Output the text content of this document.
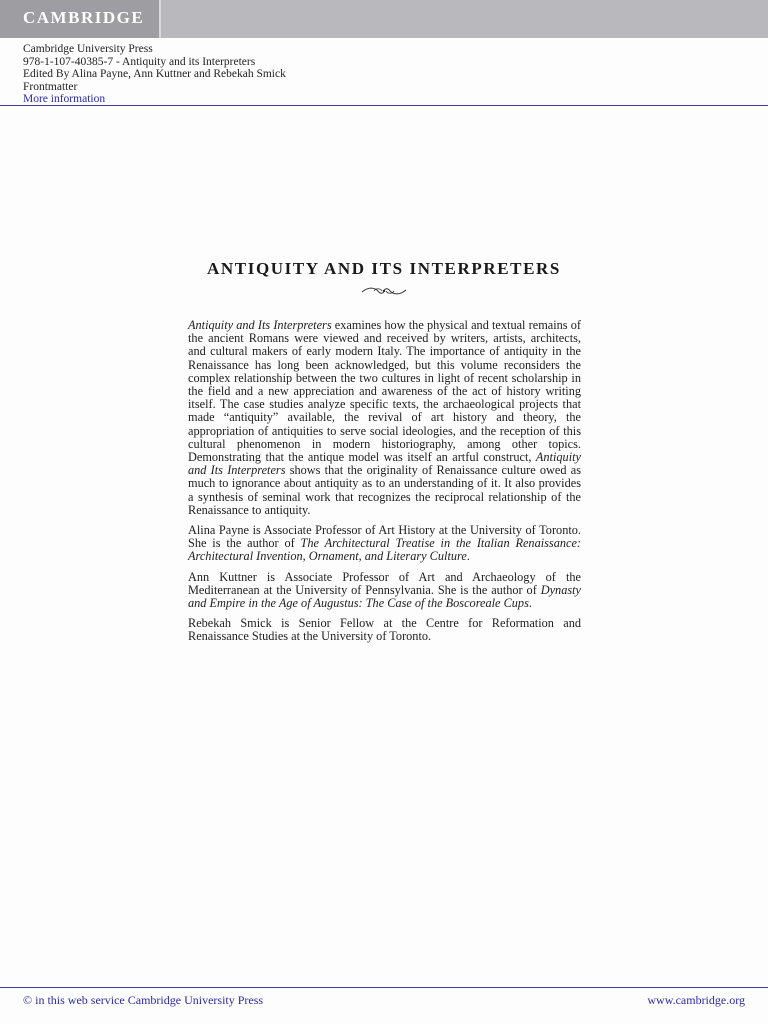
CAMBRIDGE
Cambridge University Press
978-1-107-40385-7 - Antiquity and its Interpreters
Edited By Alina Payne, Ann Kuttner and Rebekah Smick
Frontmatter
More information
ANTIQUITY AND ITS INTERPRETERS

Antiquity and Its Interpreters examines how the physical and textual remains of the ancient Romans were viewed and received by writers, artists, architects, and cultural makers of early modern Italy. The importance of antiquity in the Renaissance has long been acknowledged, but this volume reconsiders the complex relationship between the two cultures in light of recent scholarship in the field and a new appreciation and awareness of the act of history writing itself. The case studies analyze specific texts, the archaeological projects that made “antiquity” available, the revival of art history and theory, the appropriation of antiquities to serve social ideologies, and the reception of this cultural phenomenon in modern historiography, among other topics. Demonstrating that the antique model was itself an artful construct, Antiquity and Its Interpreters shows that the originality of Renaissance culture owed as much to ignorance about antiquity as to an understanding of it. It also provides a synthesis of seminal work that recognizes the reciprocal relationship of the Renaissance to antiquity.

Alina Payne is Associate Professor of Art History at the University of Toronto. She is the author of The Architectural Treatise in the Italian Renaissance: Architectural Invention, Ornament, and Literary Culture.

Ann Kuttner is Associate Professor of Art and Archaeology of the Mediterranean at the University of Pennsylvania. She is the author of Dynasty and Empire in the Age of Augustus: The Case of the Boscoreale Cups.

Rebekah Smick is Senior Fellow at the Centre for Reformation and Renaissance Studies at the University of Toronto.

© in this web service Cambridge University Press	www.cambridge.org
